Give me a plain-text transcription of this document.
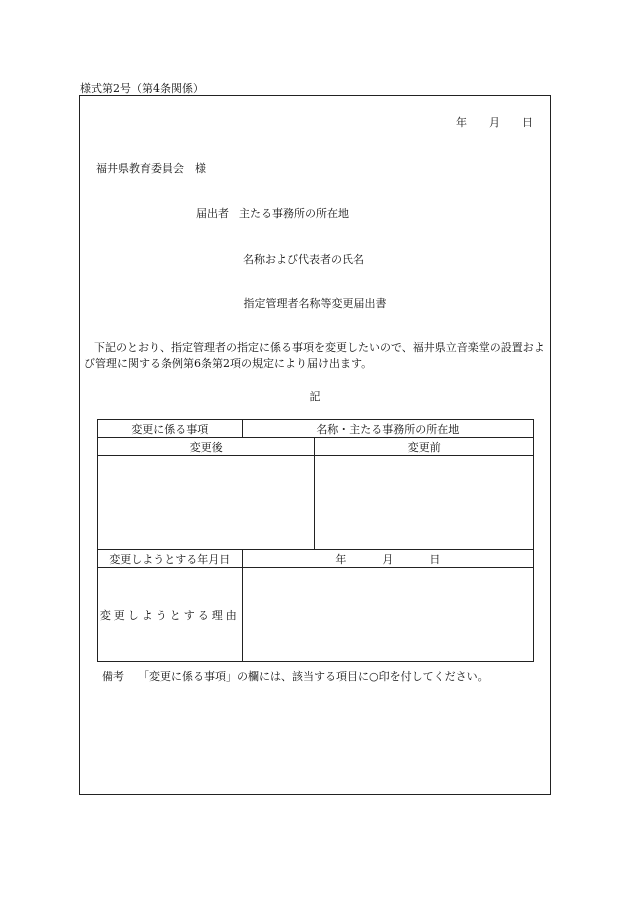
様式第2号（第4条関係）
年 月 日
福井県教育委員会　様
届出者 主たる事務所の所在地
名称および代表者の氏名
指定管理者名称等変更届出書
下記のとおり、指定管理者の指定に係る事項を変更したいので、福井県立音楽堂の設置および管理に関する条例第6条第2項の規定により届け出ます。
記
変更に係る事項	名称・主たる事務所の所在地	
変更後		変更前

変更しようとする年月日	年 月 日	
変更しようとする理由		
備考 「変更に係る事項」の欄には、該当する項目に○印を付してください。
